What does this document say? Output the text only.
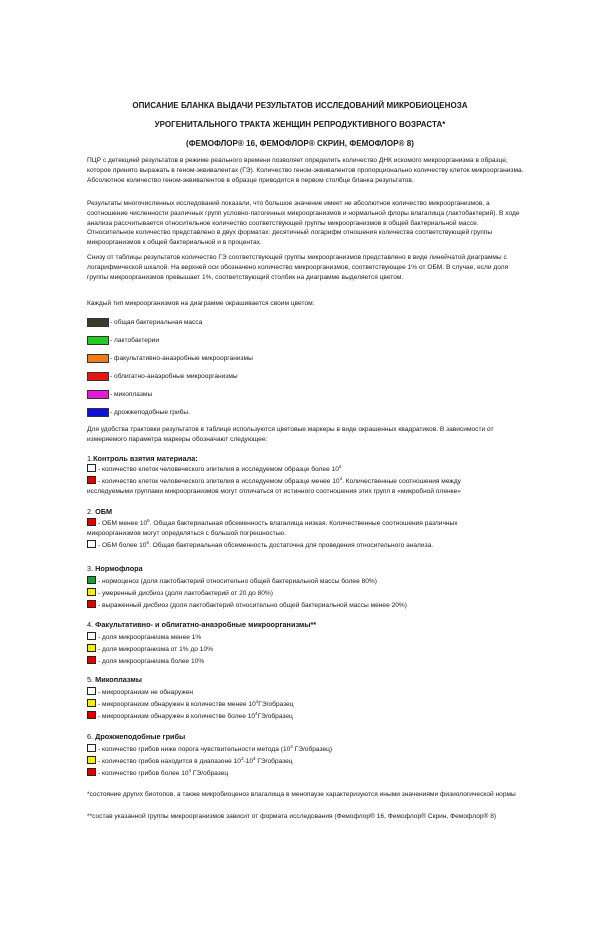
ОПИСАНИЕ БЛАНКА ВЫДАЧИ РЕЗУЛЬТАТОВ ИССЛЕДОВАНИЙ МИКРОБИОЦЕНОЗА
УРОГЕНИТАЛЬНОГО ТРАКТА ЖЕНЩИН РЕПРОДУКТИВНОГО ВОЗРАСТА*
(ФЕМОФЛОР® 16, ФЕМОФЛОР® СКРИН, ФЕМОФЛОР® 8)

ПЦР с детекцией результатов в режиме реального времени позволяет определить количество ДНК искомого микроорганизма в образце, которое принято выражать в геном-эквивалентах (ГЭ). Количество геном-эквивалентов пропорционально количеству клеток микроорганизма. Абсолютное количество геном-эквивалентов в образце приводится в первом столбце бланка результатов.

Результаты многочисленных исследований показали, что большое значение имеет не абсолютное количество микроорганизмов, а соотношение численности различных групп условно-патогенных микроорганизмов и нормальной флоры влагалища (лактобактерий). В ходе анализа рассчитывается относительное количество соответствующей группы микроорганизмов в общей бактериальной массе. Относительное количество представлено в двух форматах: десятичный логарифм отношения количества соответствующей группы микроорганизмов к общей бактериальной и в процентах.

Снизу от таблицы результатов количество ГЭ соответствующей группы микроорганизмов представлено в виде линейчатой диаграммы с логарифмической шкалой. На верхней оси обозначено количество микроорганизмов, соответствующее 1% от ОБМ. В случае, если доля группы микроорганизмов превышает 1%, соответствующий столбик на диаграмме выделяется цветом.

Каждый тип микроорганизмов на диаграмме окрашивается своим цветом:

- общая бактериальная масса
- лактобактерии
- факультативно-анаэробные микроорганизмы
- облигатно-анаэробные микроорганизмы
- микоплазмы
- дрожжеподобные грибы.

Для удобства трактовки результатов в таблице используются цветовые маркеры в виде окрашенных квадратиков. В зависимости от измеряемого параметра маркеры обозначают следующее:

1.Контроль взятия материала:
- количество клеток человеческого эпителия в исследуемом образце более $10^4$
- количество клеток человеческого эпителия в исследуемом образце менее $10^4$. Количественные соотношения между
исследуемыми группами микроорганизмов могут отличаться от истинного соотношения этих групп в «микробной пленке»
2. ОБМ
- ОБМ менее $10^6$. Общая бактериальная обсеменность влагалища низкая. Количественные соотношения различных
микроорганизмов могут определяться с большой погрешностью.
- ОБМ более $10^6$. Общая бактериальная обсеменность достаточна для проведения относительного анализа.
3. Нормофлора
- нормоценоз (доля лактобактерий относительно общей бактериальной массы более 80%)
- умеренный дисбиоз (доля лактобактерий от 20 до 80%)
- выраженный дисбиоз (доля лактобактерий относительно общей бактериальной массы менее 20%)
4. Факультативно- и облигатно-анаэробные микроорганизмы**
- доля микроорганизма менее 1%
- доля микроорганизма от 1% до 10%
- доля микроорганизма более 10%
5. Микоплазмы
- микроорганизм не обнаружен
- микроорганизм обнаружен в количестве менее $10^4ГЭ$/образец
- микроорганизм обнаружен в количестве более $10^4ГЭ$/образец
6. Дрожжеподобные грибы
- количество грибов ниже порога чувствительности метода ($10^3$ ГЭ/образец)
- количество грибов находится в диапазоне $10^3-10^4$ ГЭ/образец
- количество грибов более $10^4$ ГЭ/образец
*состояние других биотопов, а также микробиоценоз влагалища в менопаузе характеризуются иными значениями физиологической нормы
**состав указанной группы микроорганизмов зависит от формата исследования (Фемофлор® 16, Фемофлор® Скрин, Фемофлор® 8)
